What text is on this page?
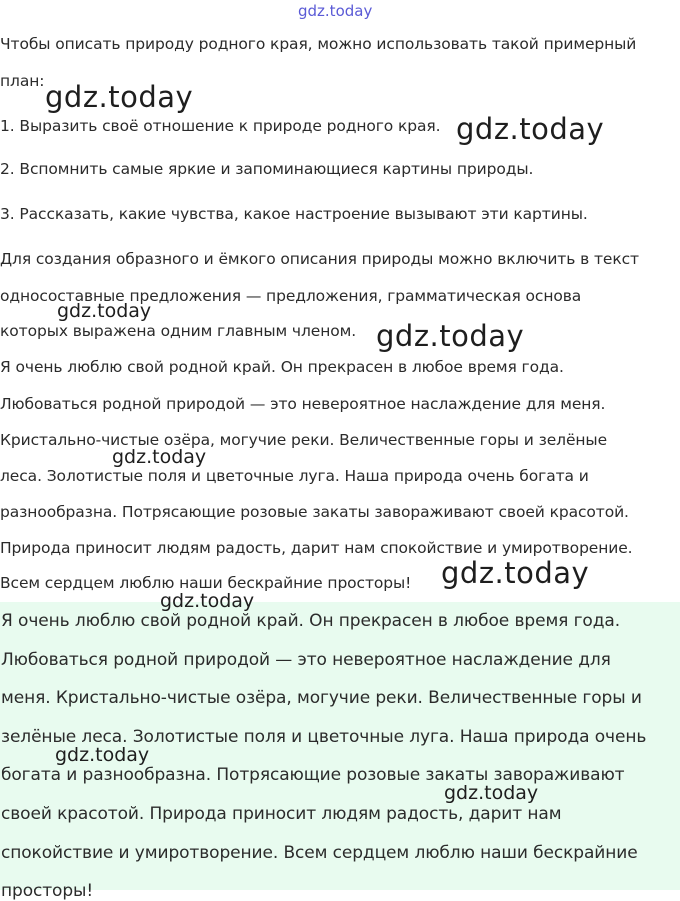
Чтобы описать природу родного края, можно использовать такой примерный

план:

1. Выразить своё отношение к природе родного края.

2. Вспомнить самые яркие и запоминающиеся картины природы.

3. Рассказать, какие чувства, какое настроение вызывают эти картины.

Для создания образного и ёмкого описания природы можно включить в текст

односоставные предложения — предложения, грамматическая основа

которых выражена одним главным членом.

Я очень люблю свой родной край. Он прекрасен в любое время года.

Любоваться родной природой — это невероятное наслаждение для меня.

Кристально-чистые озёра, могучие реки. Величественные горы и зелёные

леса. Золотистые поля и цветочные луга. Наша природа очень богата и

разнообразна. Потрясающие розовые закаты завораживают своей красотой.

Природа приносит людям радость, дарит нам спокойствие и умиротворение.

Всем сердцем люблю наши бескрайние просторы!

Я очень люблю свой родной край. Он прекрасен в любое время года.

Любоваться родной природой — это невероятное наслаждение для

меня. Кристально-чистые озёра, могучие реки. Величественные горы и

зелёные леса. Золотистые поля и цветочные луга. Наша природа очень

богата и разнообразна. Потрясающие розовые закаты завораживают

своей красотой. Природа приносит людям радость, дарит нам

спокойствие и умиротворение. Всем сердцем люблю наши бескрайние

просторы!

gdz.today
gdz.today
gdz.today
gdz.today
gdz.today
gdz.today
gdz.today
gdz.today
gdz.today
gdz.today
